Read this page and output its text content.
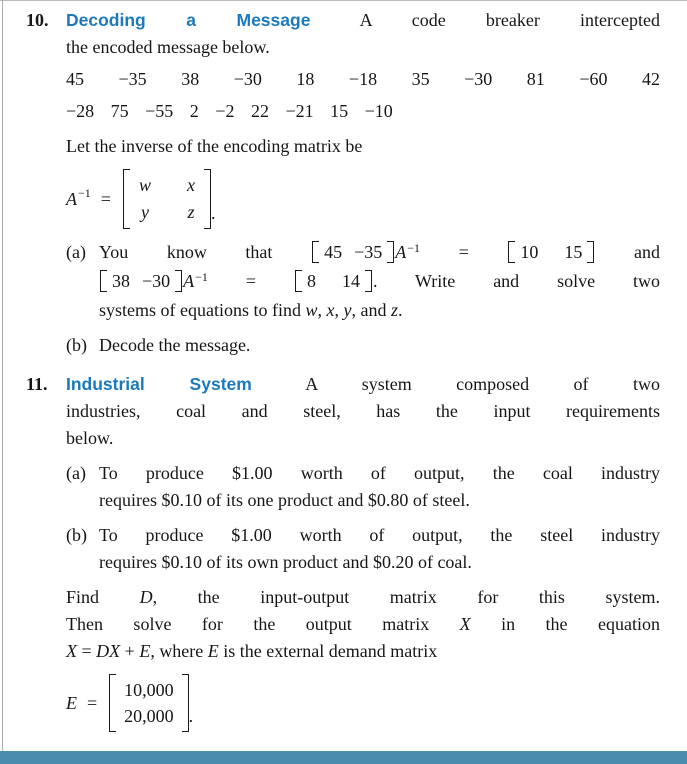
10.	Decoding a Message	A code breaker intercepted
the encoded message below.
45 −35 38 −30 18 −18 35 −30 81 −60 42
−28 75 −55 2 −2 22 −21 15 −10
Let the inverse of the encoding matrix be
$A^{-1}$ =
w x
y z .
(a) You know that	45 −35 $A^{-1}$ =	10 15	and
38 −30 $A^{-1}$ =	8 14 . Write and solve two
systems of equations to find w, x, y, and z.
(b) Decode the message.
11.	Industrial System	A system composed of two
industries, coal and steel, has the input requirements
below.
(a) To produce $1.00 worth of output, the coal industry
requires $0.10 of its one product and $0.80 of steel.
(b) To produce $1.00 worth of output, the steel industry
requires $0.10 of its own product and $0.20 of coal.
Find D, the input-output matrix for this system.
Then solve for the output matrix X in the equation
X = DX + E, where E is the external demand matrix
E =
10,000
20,000 .
